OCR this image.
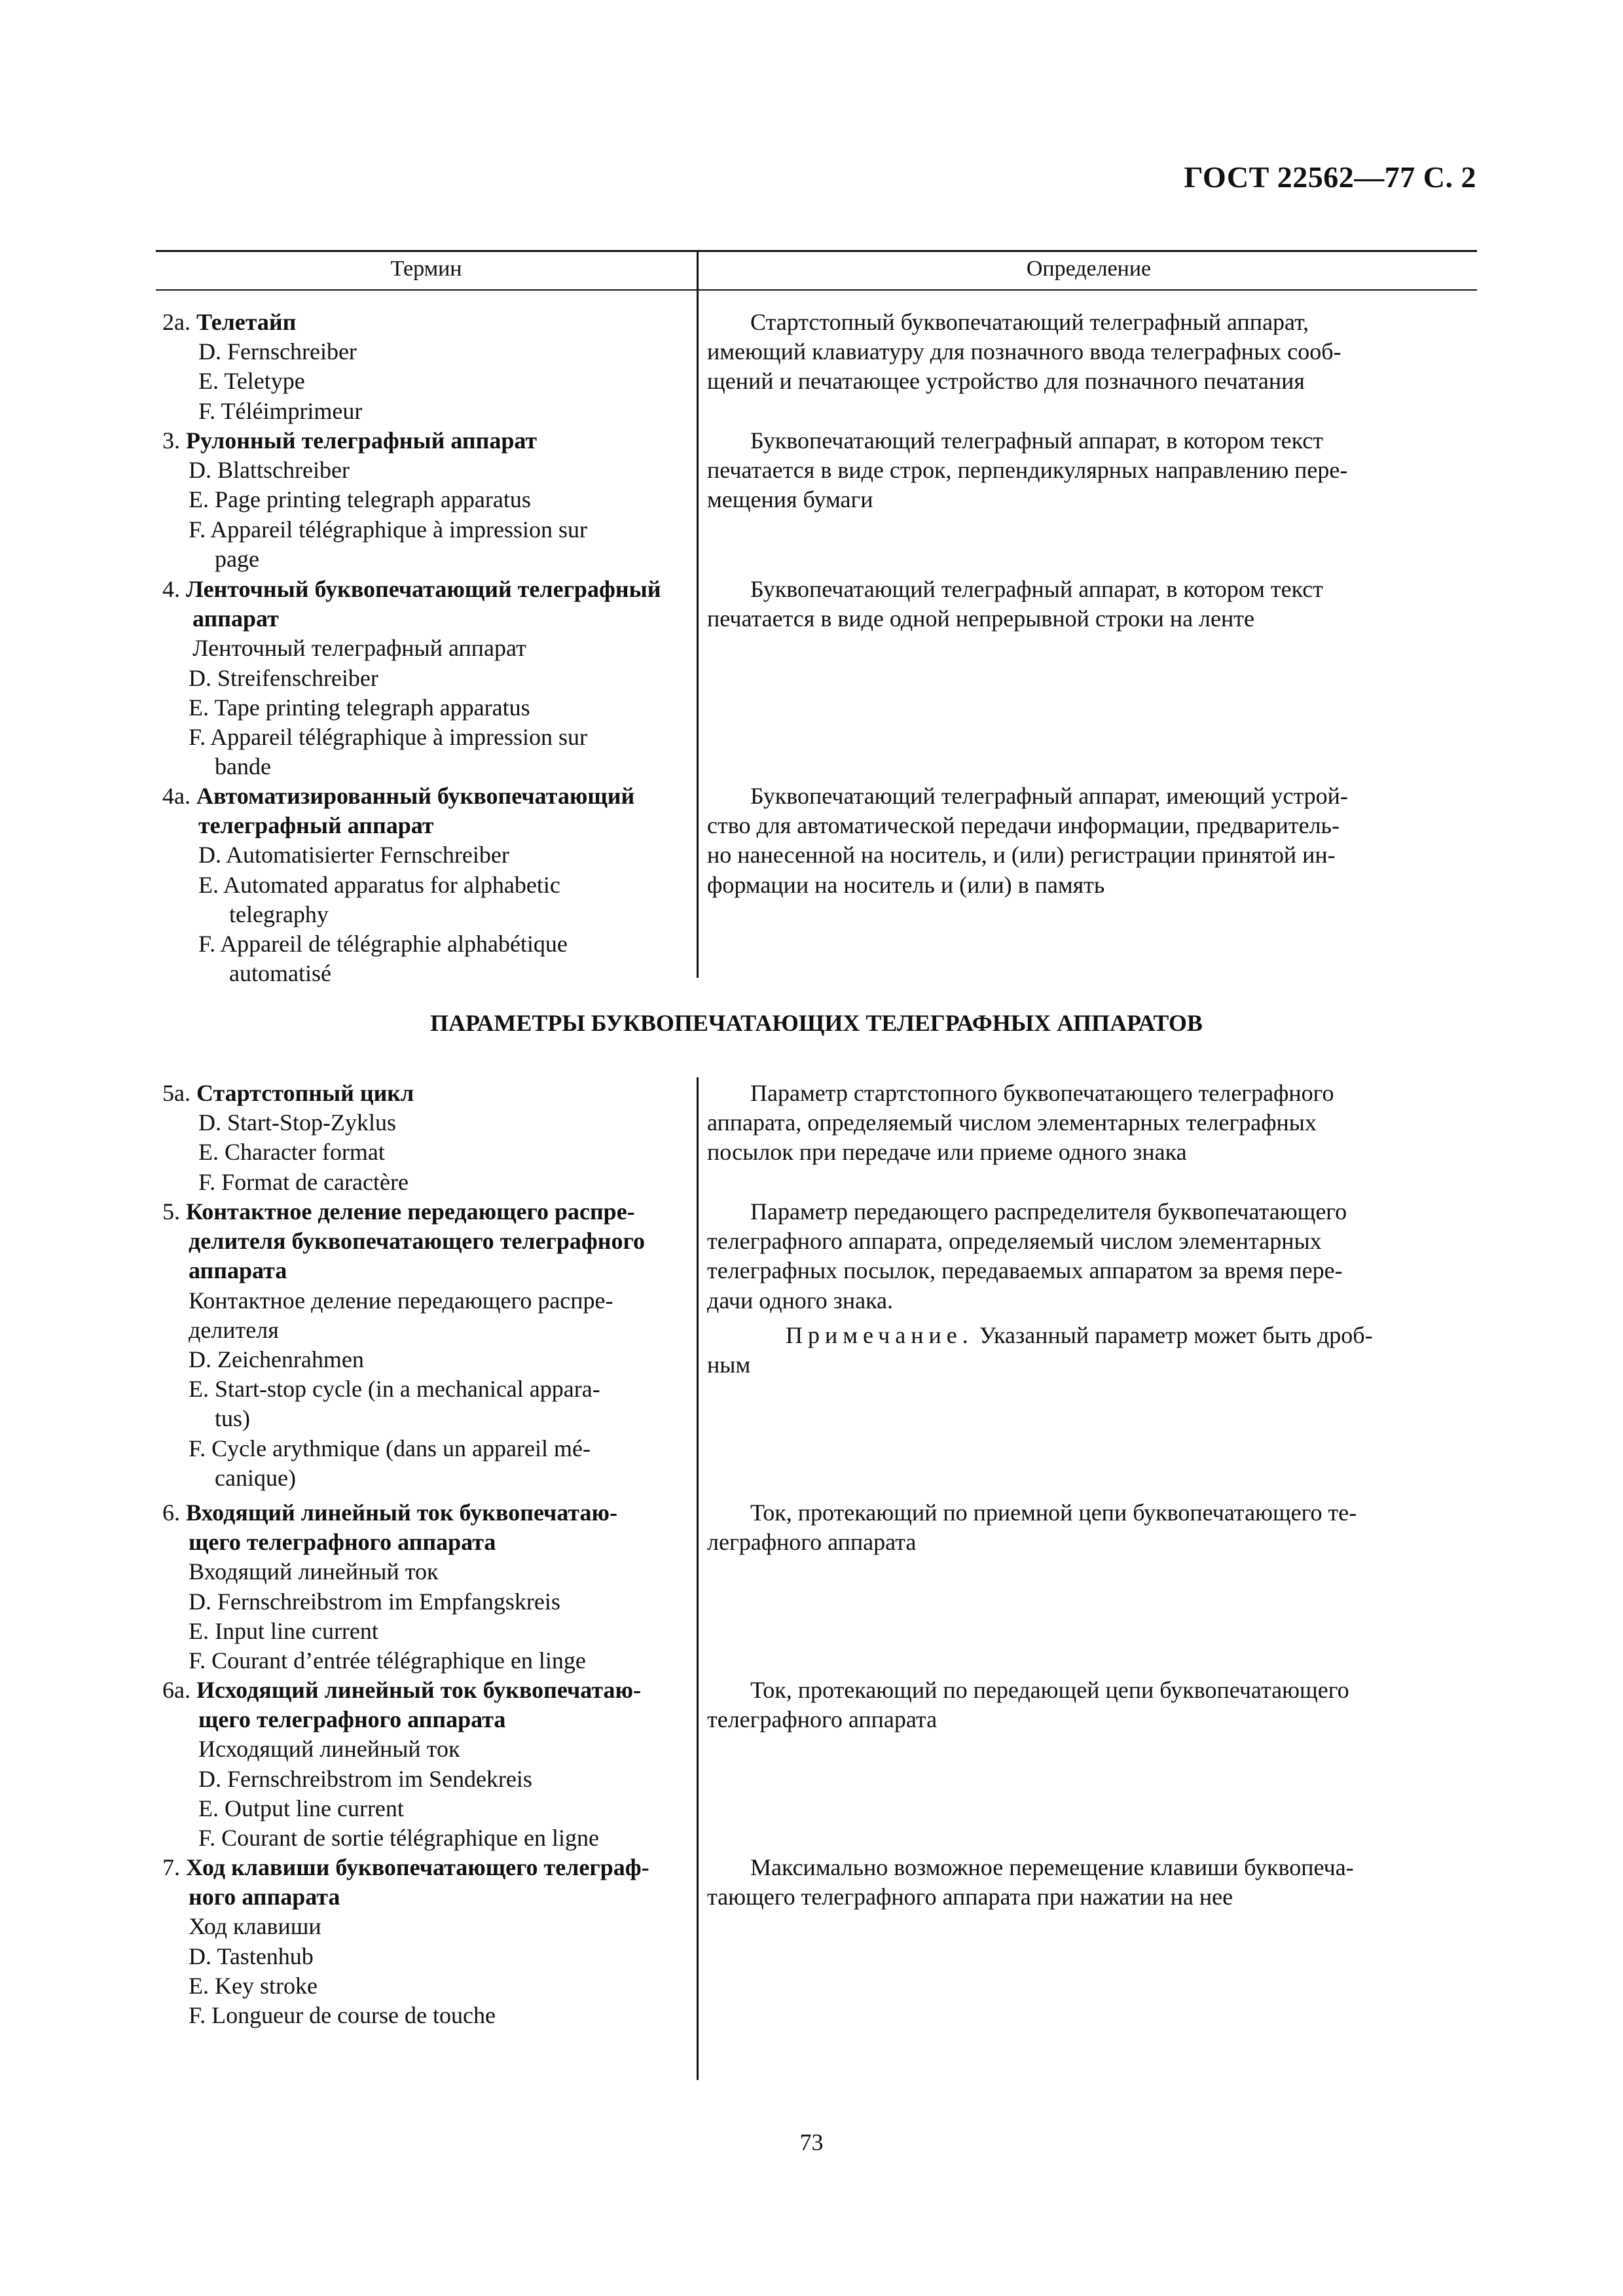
ГОСТ 22562—77 С. 2
Термин	Определение
2а. Телетайп
D. Fernschreiber
E. Teletype
F. Téléimprimeur
Стартстопный буквопечатающий телеграфный аппарат,
имеющий клавиатуру для позначного ввода телеграфных сооб-
щений и печатающее устройство для позначного печатания
3. Рулонный телеграфный аппарат
D. Blattschreiber
E. Page printing telegraph apparatus
F. Appareil télégraphique à impression sur
page
Буквопечатающий телеграфный аппарат, в котором текст
печатается в виде строк, перпендикулярных направлению пере-
мещения бумаги
4. Ленточный буквопечатающий телеграфный
аппарат
Ленточный телеграфный аппарат
D. Streifenschreiber
E. Tape printing telegraph apparatus
F. Appareil télégraphique à impression sur
bande
Буквопечатающий телеграфный аппарат, в котором текст
печатается в виде одной непрерывной строки на ленте
4а. Автоматизированный буквопечатающий
телеграфный аппарат
D. Automatisierter Fernschreiber
E. Automated apparatus for alphabetic
telegraphy
F. Appareil de télégraphie alphabétique
automatisé
Буквопечатающий телеграфный аппарат, имеющий устрой-
ство для автоматической передачи информации, предваритель-
но нанесенной на носитель, и (или) регистрации принятой ин-
формации на носитель и (или) в память
ПАРАМЕТРЫ БУКВОПЕЧАТАЮЩИХ ТЕЛЕГРАФНЫХ АППАРАТОВ
5а. Стартстопный цикл
D. Start-Stop-Zyklus
E. Character format
F. Format de caractère
Параметр стартстопного буквопечатающего телеграфного
аппарата, определяемый числом элементарных телеграфных
посылок при передаче или приеме одного знака
5. Контактное деление передающего распре-
делителя буквопечатающего телеграфного
аппарата
Контактное деление передающего распре-
делителя
D. Zeichenrahmen
E. Start-stop cycle (in a mechanical appara-
tus)
F. Cycle arythmique (dans un appareil mé-
canique)
Параметр передающего распределителя буквопечатающего
телеграфного аппарата, определяемый числом элементарных
телеграфных посылок, передаваемых аппаратом за время пере-
дачи одного знака.
Примечание. Указанный параметр может быть дроб-
ным
6. Входящий линейный ток буквопечатаю-
щего телеграфного аппарата
Входящий линейный ток
D. Fernschreibstrom im Empfangskreis
E. Input line current
F. Courant d’entrée télégraphique en linge
Ток, протекающий по приемной цепи буквопечатающего те-
леграфного аппарата
6а. Исходящий линейный ток буквопечатаю-
щего телеграфного аппарата
Исходящий линейный ток
D. Fernschreibstrom im Sendekreis
E. Output line current
F. Courant de sortie télégraphique en ligne
Ток, протекающий по передающей цепи буквопечатающего
телеграфного аппарата
7. Ход клавиши буквопечатающего телеграф-
ного аппарата
Ход клавиши
D. Tastenhub
E. Key stroke
F. Longueur de course de touche
Максимально возможное перемещение клавиши буквопеча-
тающего телеграфного аппарата при нажатии на нее
73
